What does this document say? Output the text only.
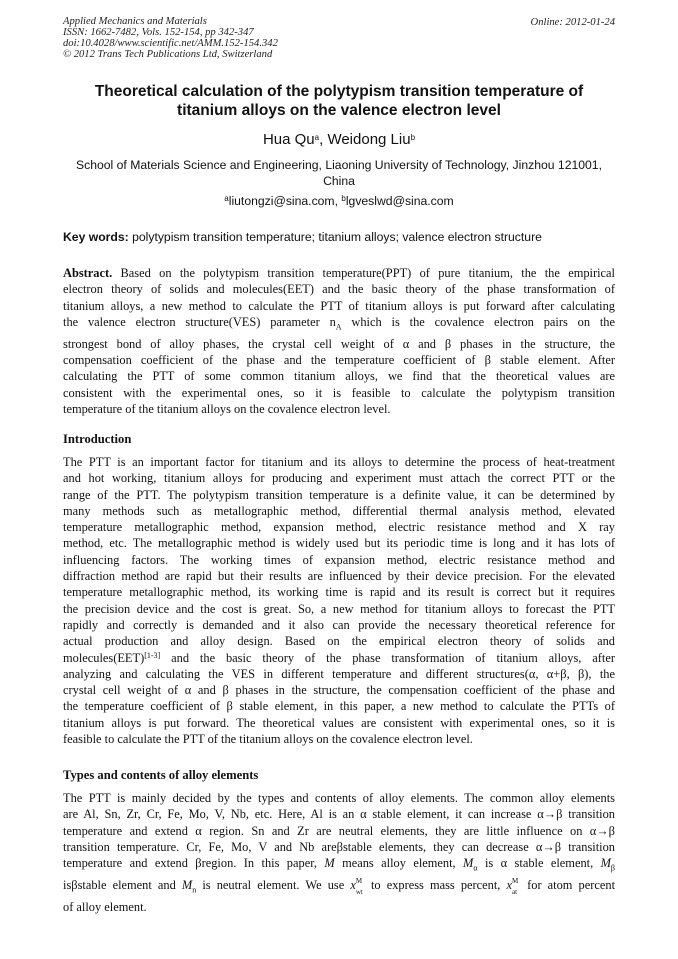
Applied Mechanics and Materials
ISSN: 1662-7482, Vols. 152-154, pp 342-347
doi:10.4028/www.scientific.net/AMM.152-154.342
© 2012 Trans Tech Publications Ltd, Switzerland
Online: 2012-01-24
Theoretical calculation of the polytypism transition temperature of
titanium alloys on the valence electron level
Hua Qu$^a$, Weidong Liu$^b$
School of Materials Science and Engineering, Liaoning University of Technology, Jinzhou 121001,
China
$^a$liutongzi@sina.com, $^b$lgveslwd@sina.com
Key words: polytypism transition temperature; titanium alloys; valence electron structure
Abstract. Based on the polytypism transition temperature(PPT) of pure titanium, the the empirical
electron theory of solids and molecules(EET) and the basic theory of the phase transformation of
titanium alloys, a new method to calculate the PTT of titanium alloys is put forward after calculating
the valence electron structure(VES) parameter $n_A$ which is the covalence electron pairs on the
strongest bond of alloy phases, the crystal cell weight of α and β phases in the structure, the
compensation coefficient of the phase and the temperature coefficient of β stable element. After
calculating the PTT of some common titanium alloys, we find that the theoretical values are
consistent with the experimental ones, so it is feasible to calculate the polytypism transition
temperature of the titanium alloys on the covalence electron level.
Introduction
The PTT is an important factor for titanium and its alloys to determine the process of heat-treatment
and hot working, titanium alloys for producing and experiment must attach the correct PTT or the
range of the PTT. The polytypism transition temperature is a definite value, it can be determined by
many methods such as metallographic method, differential thermal analysis method, elevated
temperature metallographic method, expansion method, electric resistance method and X ray
method, etc. The metallographic method is widely used but its periodic time is long and it has lots of
influencing factors. The working times of expansion method, electric resistance method and
diffraction method are rapid but their results are influenced by their device precision. For the elevated
temperature metallographic method, its working time is rapid and its result is correct but it requires
the precision device and the cost is great. So, a new method for titanium alloys to forecast the PTT
rapidly and correctly is demanded and it also can provide the necessary theoretical reference for
actual production and alloy design. Based on the empirical electron theory of solids and
molecules(EET)[1-3] and the basic theory of the phase transformation of titanium alloys, after
analyzing and calculating the VES in different temperature and different structures(α, α+β, β), the
crystal cell weight of α and β phases in the structure, the compensation coefficient of the phase and
the temperature coefficient of β stable element, in this paper, a new method to calculate the PTTs of
titanium alloys is put forward. The theoretical values are consistent with experimental ones, so it is
feasible to calculate the PTT of the titanium alloys on the covalence electron level.
Types and contents of alloy elements
The PTT is mainly decided by the types and contents of alloy elements. The common alloy elements
are Al, Sn, Zr, Cr, Fe, Mo, V, Nb, etc. Here, Al is an α stable element, it can increase α→β transition
temperature and extend α region. Sn and Zr are neutral elements, they are little influence on α→β
transition temperature. Cr, Fe, Mo, V and Nb areβstable elements, they can decrease α→β transition
temperature and extend βregion. In this paper, M means alloy element, $M_\alpha$ is α stable element, $M_\beta$
isβstable element and $M_n$ is neutral element. We use x M
wt to express mass percent, x M
at for atom percent
of alloy element.
